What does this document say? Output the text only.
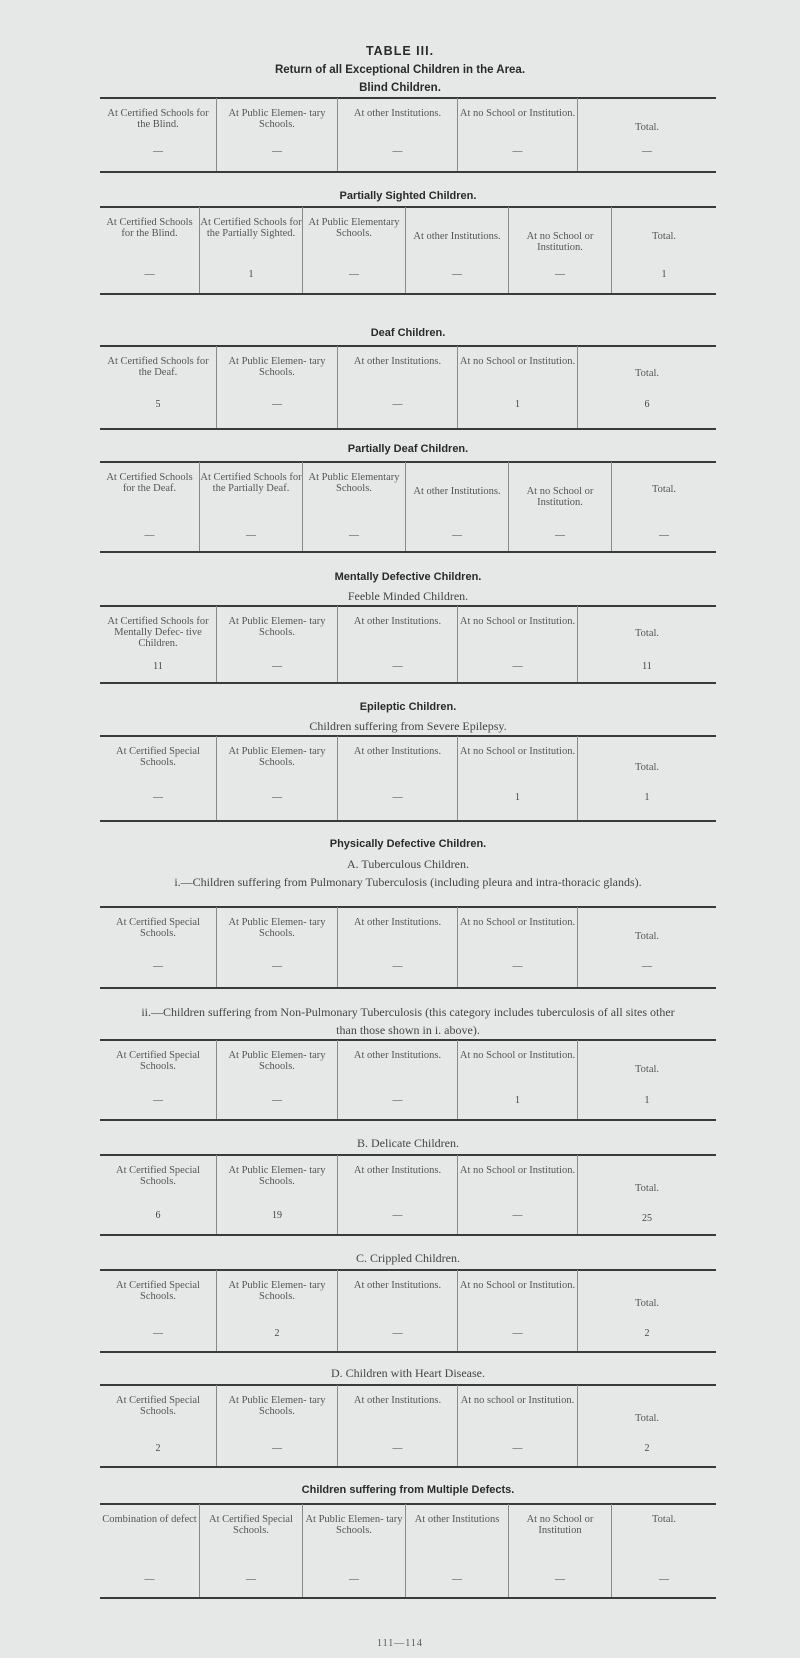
TABLE III.
Return of all Exceptional Children in the Area.
Blind Children.
At Certified Schools for the Blind.
—
At Public Elemen- tary Schools.
—
At other Institutions.
—
At no School or Institution.
—
Total.
—
Partially Sighted Children.
At Certified Schools for the Blind.
—
At Certified Schools for the Partially Sighted.
1
At Public Elementary Schools.
—
At other Institutions.
—
At no School or Institution.
—
Total.
1
Deaf Children.
At Certified Schools for the Deaf.
5
At Public Elemen- tary Schools.
—
At other Institutions.
—
At no School or Institution.
1
Total.
6
Partially Deaf Children.
At Certified Schools for the Deaf.
—
At Certified Schools for the Partially Deaf.
—
At Public Elementary Schools.
—
At other Institutions.
—
At no School or Institution.
—
Total.
—
Mentally Defective Children.
Feeble Minded Children.
At Certified Schools for Mentally Defec- tive Children.
11
At Public Elemen- tary Schools.
—
At other Institutions.
—
At no School or Institution.
—
Total.
11
Epileptic Children.
Children suffering from Severe Epilepsy.
At Certified Special Schools.
—
At Public Elemen- tary Schools.
—
At other Institutions.
—
At no School or Institution.
1
Total.
1
Physically Defective Children.
A. Tuberculous Children.
i.—Children suffering from Pulmonary Tuberculosis (including pleura and intra-thoracic glands).
At Certified Special Schools.
—
At Public Elemen- tary Schools.
—
At other Institutions.
—
At no School or Institution.
—
Total.
—
ii.—Children suffering from Non-Pulmonary Tuberculosis (this category includes tuberculosis of all sites other than those shown in i. above).
At Certified Special Schools.
—
At Public Elemen- tary Schools.
—
At other Institutions.
—
At no School or Institution.
1
Total.
1
B. Delicate Children.
At Certified Special Schools.
6
At Public Elemen- tary Schools.
19
At other Institutions.
—
At no School or Institution.
—
Total.
25
C. Crippled Children.
At Certified Special Schools.
—
At Public Elemen- tary Schools.
2
At other Institutions.
—
At no School or Institution.
—
Total.
2
D. Children with Heart Disease.
At Certified Special Schools.
2
At Public Elemen- tary Schools.
—
At other Institutions.
—
At no school or Institution.
—
Total.
2
Children suffering from Multiple Defects.
Combination of defect
—
At Certified Special Schools.
—
At Public Elemen- tary Schools.
—
At other Institutions
—
At no School or Institution
—
Total.
—
111—114
